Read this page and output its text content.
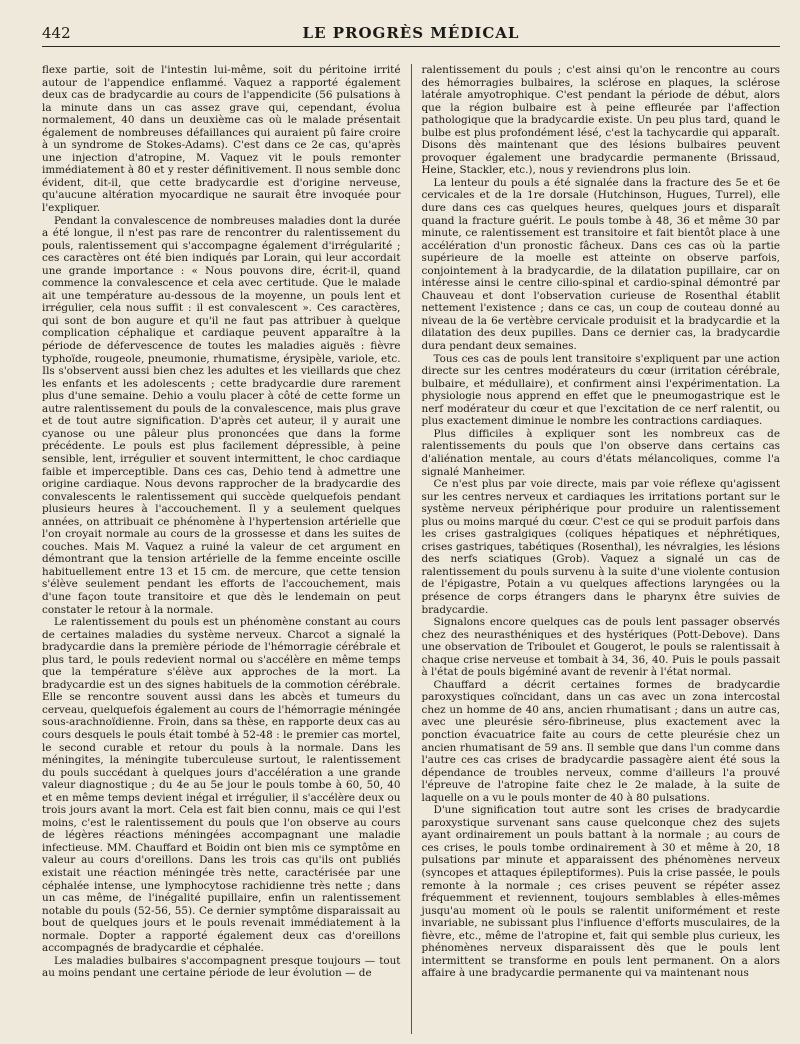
442	LE PROGRÈS MÉDICAL

flexe partie, soit de l'intestin lui-même, soit du péritoine irrité autour de l'appendice enflammé. Vaquez a rapporté également deux cas de bradycardie au cours de l'appendicite (56 pulsations à la minute dans un cas assez grave qui, cependant, évolua normalement, 40 dans un deuxième cas où le malade présentait également de nombreuses défaillances qui auraient pû faire croire à un syndrome de Stokes-Adams). C'est dans ce 2e cas, qu'après une injection d'atropine, M. Vaquez vit le pouls remonter immédiatement à 80 et y rester définitivement. Il nous semble donc évident, dit-il, que cette bradycardie est d'origine nerveuse, qu'aucune altération myocardique ne saurait être invoquée pour l'expliquer.

Pendant la convalescence de nombreuses maladies dont la durée a été longue, il n'est pas rare de rencontrer du ralentissement du pouls, ralentissement qui s'accompagne également d'irrégularité ; ces caractères ont été bien indiqués par Lorain, qui leur accordait une grande importance : « Nous pouvons dire, écrit-il, quand commence la convalescence et cela avec certitude. Que le malade ait une température au-dessous de la moyenne, un pouls lent et irrégulier, cela nous suffit : il est convalescent ». Ces caractères, qui sont de bon augure et qu'il ne faut pas attribuer à quelque complication céphalique et cardiaque peuvent apparaître à la période de défervescence de toutes les maladies aiguës : fièvre typhoïde, rougeole, pneumonie, rhumatisme, érysipèle, variole, etc. Ils s'observent aussi bien chez les adultes et les vieillards que chez les enfants et les adolescents ; cette bradycardie dure rarement plus d'une semaine. Dehio a voulu placer à côté de cette forme un autre ralentissement du pouls de la convalescence, mais plus grave et de tout autre signification. D'après cet auteur, il y aurait une cyanose ou une pâleur plus prononcées que dans la forme précédente. Le pouls est plus facilement dépressible, à peine sensible, lent, irrégulier et souvent intermittent, le choc cardiaque faible et imperceptible. Dans ces cas, Dehio tend à admettre une origine cardiaque. Nous devons rapprocher de la bradycardie des convalescents le ralentissement qui succède quelquefois pendant plusieurs heures à l'accouchement. Il y a seulement quelques années, on attribuait ce phénomène à l'hypertension artérielle que l'on croyait normale au cours de la grossesse et dans les suites de couches. Mais M. Vaquez a ruiné la valeur de cet argument en démontrant que la tension artérielle de la femme enceinte oscille habituellement entre 13 et 15 cm. de mercure, que cette tension s'élève seulement pendant les efforts de l'accouchement, mais d'une façon toute transitoire et que dès le lendemain on peut constater le retour à la normale.

Le ralentissement du pouls est un phénomène constant au cours de certaines maladies du système nerveux. Charcot a signalé la bradycardie dans la première période de l'hémorragie cérébrale et plus tard, le pouls redevient normal ou s'accélère en même temps que la température s'élève aux approches de la mort. La bradycardie est un des signes habituels de la commotion cérébrale. Elle se rencontre souvent aussi dans les abcès et tumeurs du cerveau, quelquefois également au cours de l'hémorragie méningée sous-arachnoïdienne. Froin, dans sa thèse, en rapporte deux cas au cours desquels le pouls était tombé à 52-48 : le premier cas mortel, le second curable et retour du pouls à la normale. Dans les méningites, la méningite tuberculeuse surtout, le ralentissement du pouls succédant à quelques jours d'accélération a une grande valeur diagnostique ; du 4e au 5e jour le pouls tombe à 60, 50, 40 et en même temps devient inégal et irrégulier, il s'accélère deux ou trois jours avant la mort. Cela est fait bien connu, mais ce qui l'est moins, c'est le ralentissement du pouls que l'on observe au cours de légères réactions méningées accompagnant une maladie infectieuse. MM. Chauffard et Boidin ont bien mis ce symptôme en valeur au cours d'oreillons. Dans les trois cas qu'ils ont publiés existait une réaction méningée très nette, caractérisée par une céphalée intense, une lymphocytose rachidienne très nette ; dans un cas même, de l'inégalité pupillaire, enfin un ralentissement notable du pouls (52-56, 55). Ce dernier symptôme disparaissait au bout de quelques jours et le pouls revenait immédiatement à la normale. Dopter a rapporté également deux cas d'oreillons accompagnés de bradycardie et céphalée.

Les maladies bulbaires s'accompagnent presque toujours — tout au moins pendant une certaine période de leur évolution — de

ralentissement du pouls ; c'est ainsi qu'on le rencontre au cours des hémorragies bulbaires, la sclérose en plaques, la sclérose latérale amyotrophique. C'est pendant la période de début, alors que la région bulbaire est à peine effleurée par l'affection pathologique que la bradycardie existe. Un peu plus tard, quand le bulbe est plus profondément lésé, c'est la tachycardie qui apparaît. Disons dès maintenant que des lésions bulbaires peuvent provoquer également une bradycardie permanente (Brissaud, Heine, Stackler, etc.), nous y reviendrons plus loin.

La lenteur du pouls a été signalée dans la fracture des 5e et 6e cervicales et de la 1re dorsale (Hutchinson, Hugues, Turrel), elle dure dans ces cas quelques heures, quelques jours et disparaît quand la fracture guérit. Le pouls tombe à 48, 36 et même 30 par minute, ce ralentissement est transitoire et fait bientôt place à une accélération d'un pronostic fâcheux. Dans ces cas où la partie supérieure de la moelle est atteinte on observe parfois, conjointement à la bradycardie, de la dilatation pupillaire, car on intéresse ainsi le centre cilio-spinal et cardio-spinal démontré par Chauveau et dont l'observation curieuse de Rosenthal établit nettement l'existence ; dans ce cas, un coup de couteau donné au niveau de la 6e vertèbre cervicale produisit et la bradycardie et la dilatation des deux pupilles. Dans ce dernier cas, la bradycardie dura pendant deux semaines.

Tous ces cas de pouls lent transitoire s'expliquent par une action directe sur les centres modérateurs du cœur (irritation cérébrale, bulbaire, et médullaire), et confirment ainsi l'expérimentation. La physiologie nous apprend en effet que le pneumogastrique est le nerf modérateur du cœur et que l'excitation de ce nerf ralentit, ou plus exactement diminue le nombre les contractions cardiaques.

Plus difficiles à expliquer sont les nombreux cas de ralentissements du pouls que l'on observe dans certains cas d'aliénation mentale, au cours d'états mélancoliques, comme l'a signalé Manheimer.

Ce n'est plus par voie directe, mais par voie réflexe qu'agissent sur les centres nerveux et cardiaques les irritations portant sur le système nerveux périphérique pour produire un ralentissement plus ou moins marqué du cœur. C'est ce qui se produit parfois dans les crises gastralgiques (coliques hépatiques et néphrétiques, crises gastriques, tabétiques (Rosenthal), les névralgies, les lésions des nerfs sciatiques (Grob). Vaquez a signalé un cas de ralentissement du pouls survenu à la suite d'une violente contusion de l'épigastre, Potain a vu quelques affections laryngées ou la présence de corps étrangers dans le pharynx être suivies de bradycardie.

Signalons encore quelques cas de pouls lent passager observés chez des neurasthéniques et des hystériques (Pott-Debove). Dans une observation de Triboulet et Gougerot, le pouls se ralentissait à chaque crise nerveuse et tombait à 34, 36, 40. Puis le pouls passait à l'état de pouls bigéminé avant de revenir à l'état normal.

Chauffard a décrit certaines formes de bradycardie paroxystiques coïncidant, dans un cas avec un zona intercostal chez un homme de 40 ans, ancien rhumatisant ; dans un autre cas, avec une pleurésie séro-fibrineuse, plus exactement avec la ponction évacuatrice faite au cours de cette pleurésie chez un ancien rhumatisant de 59 ans. Il semble que dans l'un comme dans l'autre ces cas crises de bradycardie passagère aient été sous la dépendance de troubles nerveux, comme d'ailleurs l'a prouvé l'épreuve de l'atropine faite chez le 2e malade, à la suite de laquelle on a vu le pouls monter de 40 à 80 pulsations.

D'une signification tout autre sont les crises de bradycardie paroxystique survenant sans cause quelconque chez des sujets ayant ordinairement un pouls battant à la normale ; au cours de ces crises, le pouls tombe ordinairement à 30 et même à 20, 18 pulsations par minute et apparaissent des phénomènes nerveux (syncopes et attaques épileptiformes). Puis la crise passée, le pouls remonte à la normale ; ces crises peuvent se répéter assez fréquemment et reviennent, toujours semblables à elles-mêmes jusqu'au moment où le pouls se ralentit uniformément et reste invariable, ne subissant plus l'influence d'efforts musculaires, de la fièvre, etc., même de l'atropine et, fait qui semble plus curieux, les phénomènes nerveux disparaissent dès que le pouls lent intermittent se transforme en pouls lent permanent. On a alors affaire à une bradycardie permanente qui va maintenant nous
